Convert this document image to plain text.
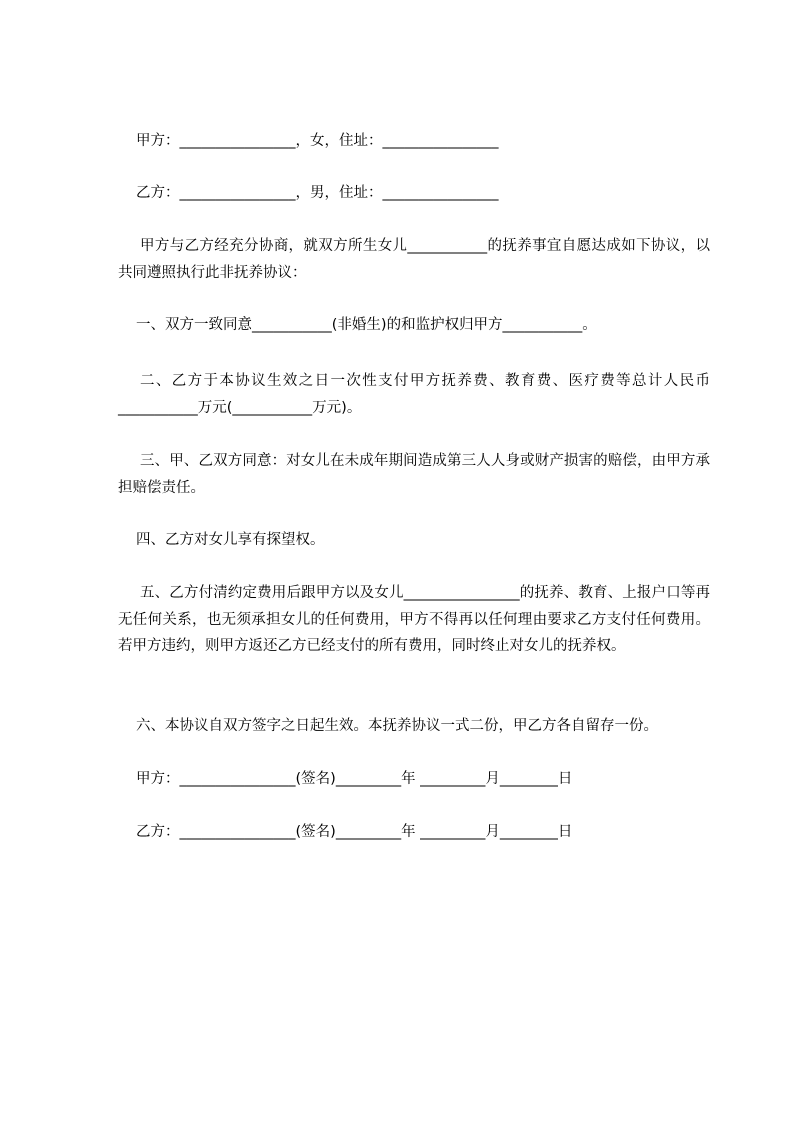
甲方：________________，女，住址：________________
乙方：________________，男，住址：________________
甲方与乙方经充分协商，就双方所生女儿___________的抚养事宜自愿达成如下协议，以共同遵照执行此非抚养协议：
一、双方一致同意___________(非婚生)的和监护权归甲方___________。
二、乙方于本协议生效之日一次性支付甲方抚养费、教育费、医疗费等总计人民币___________万元(___________万元)。
三、甲、乙双方同意：对女儿在未成年期间造成第三人人身或财产损害的赔偿，由甲方承担赔偿责任。
四、乙方对女儿享有探望权。
五、乙方付清约定费用后跟甲方以及女儿________________的抚养、教育、上报户口等再无任何关系，也无须承担女儿的任何费用，甲方不得再以任何理由要求乙方支付任何费用。若甲方违约，则甲方返还乙方已经支付的所有费用，同时终止对女儿的抚养权。
六、本协议自双方签字之日起生效。本抚养协议一式二份，甲乙方各自留存一份。
甲方：________________(签名)_________年 _________月________日
乙方：________________(签名)_________年 _________月________日
